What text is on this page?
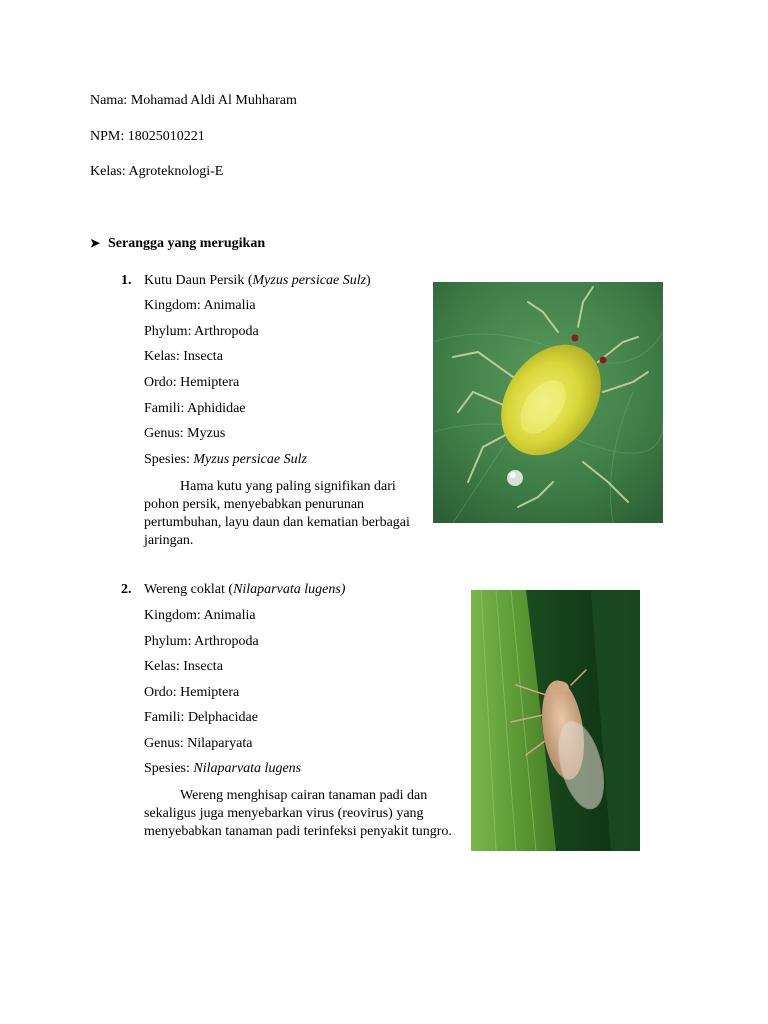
Nama: Mohamad Aldi Al Muhharam
NPM: 18025010221
Kelas: Agroteknologi-E
➤ Serangga yang merugikan
1. Kutu Daun Persik (Myzus persicae Sulz)
Kingdom: Animalia
Phylum: Arthropoda
Kelas: Insecta
Ordo: Hemiptera
Famili: Aphididae
Genus: Myzus
Spesies: Myzus persicae Sulz
Hama kutu yang paling signifikan dari pohon persik, menyebabkan penurunan pertumbuhan, layu daun dan kematian berbagai jaringan.
2. Wereng coklat (Nilaparvata lugens)
Kingdom: Animalia
Phylum: Arthropoda
Kelas: Insecta
Ordo: Hemiptera
Famili: Delphacidae
Genus: Nilaparyata
Spesies: Nilaparvata lugens
Wereng menghisap cairan tanaman padi dan sekaligus juga menyebarkan virus (reovirus) yang menyebabkan tanaman padi terinfeksi penyakit tungro.
